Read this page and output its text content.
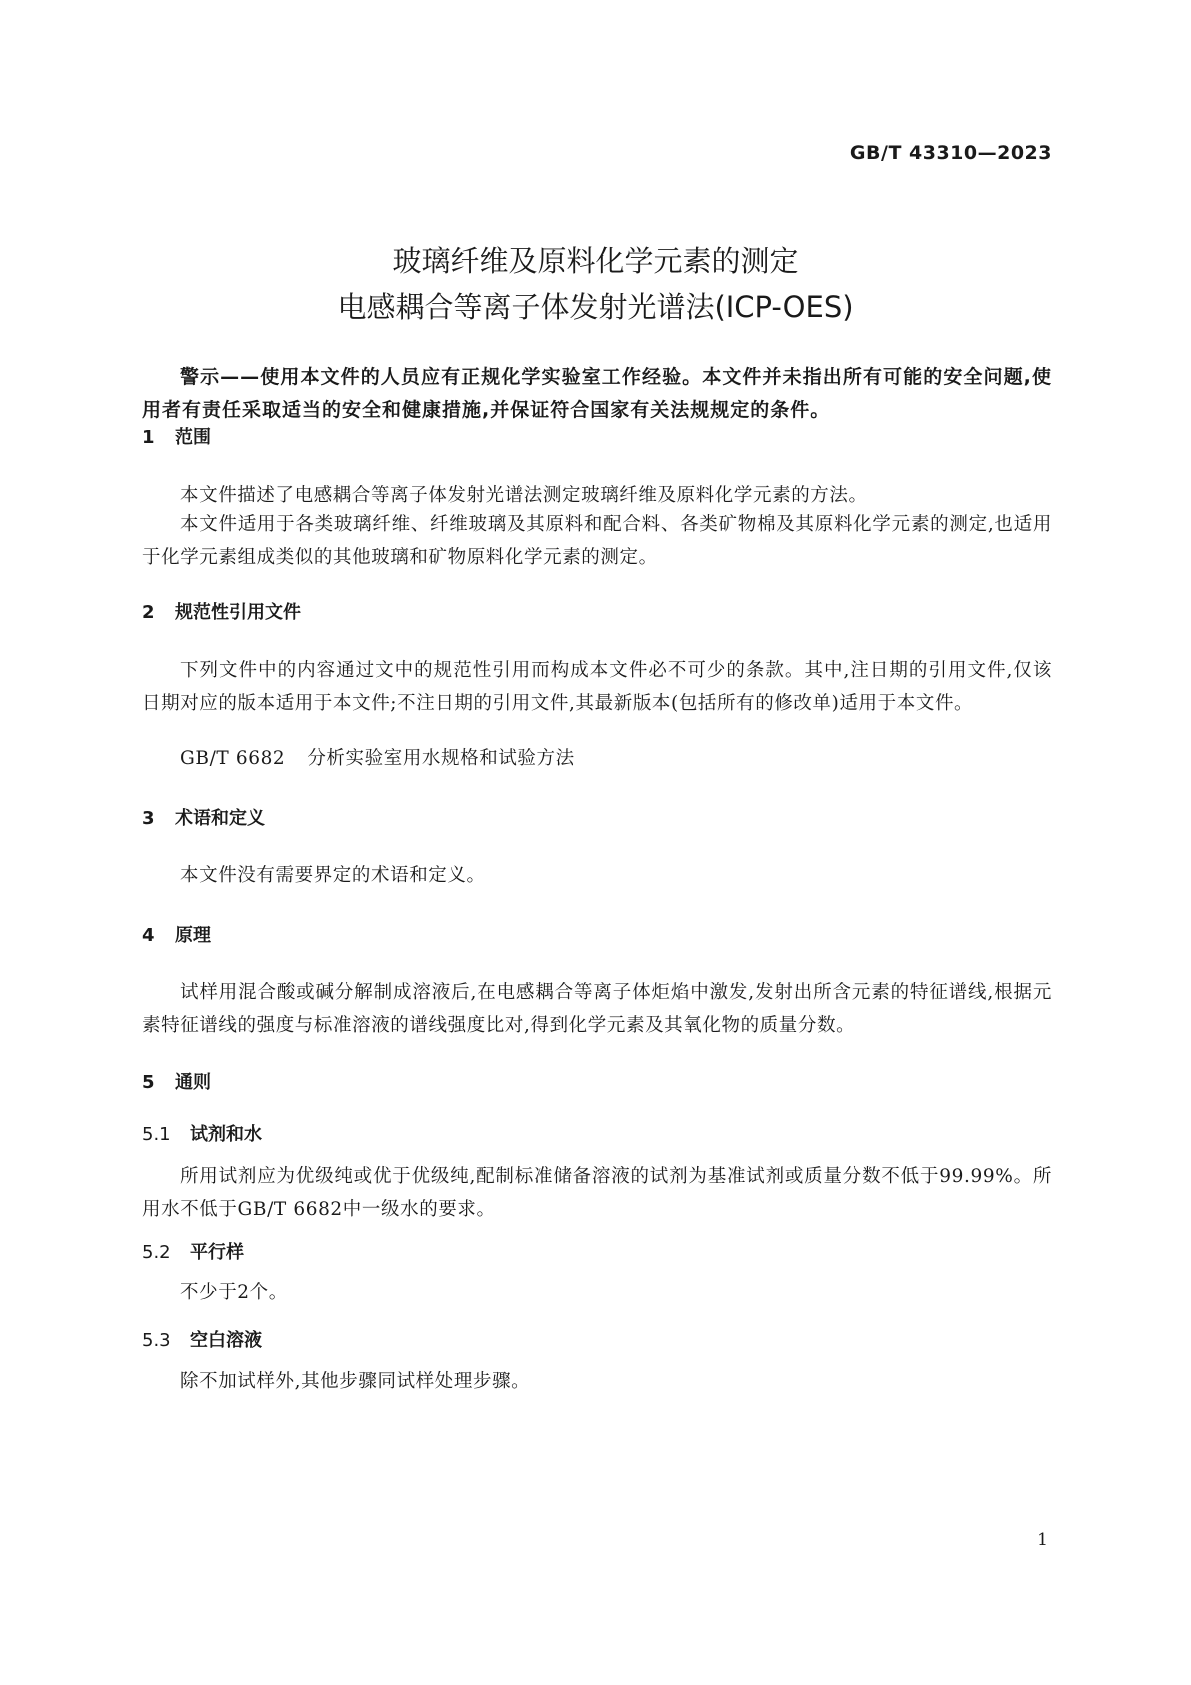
GB/T 43310—2023
玻璃纤维及原料化学元素的测定
电感耦合等离子体发射光谱法(ICP-OES)
警示——使用本文件的人员应有正规化学实验室工作经验。本文件并未指出所有可能的安全问题,使用者有责任采取适当的安全和健康措施,并保证符合国家有关法规规定的条件。
1 范围
本文件描述了电感耦合等离子体发射光谱法测定玻璃纤维及原料化学元素的方法。
本文件适用于各类玻璃纤维、纤维玻璃及其原料和配合料、各类矿物棉及其原料化学元素的测定,也适用于化学元素组成类似的其他玻璃和矿物原料化学元素的测定。
2 规范性引用文件
下列文件中的内容通过文中的规范性引用而构成本文件必不可少的条款。其中,注日期的引用文件,仅该日期对应的版本适用于本文件;不注日期的引用文件,其最新版本(包括所有的修改单)适用于本文件。
GB/T 6682 分析实验室用水规格和试验方法
3 术语和定义
本文件没有需要界定的术语和定义。
4 原理
试样用混合酸或碱分解制成溶液后,在电感耦合等离子体炬焰中激发,发射出所含元素的特征谱线,根据元素特征谱线的强度与标准溶液的谱线强度比对,得到化学元素及其氧化物的质量分数。
5 通则
5.1 试剂和水
所用试剂应为优级纯或优于优级纯,配制标准储备溶液的试剂为基准试剂或质量分数不低于99.99%。所用水不低于GB/T 6682中一级水的要求。
5.2 平行样
不少于2个。
5.3 空白溶液
除不加试样外,其他步骤同试样处理步骤。
1
